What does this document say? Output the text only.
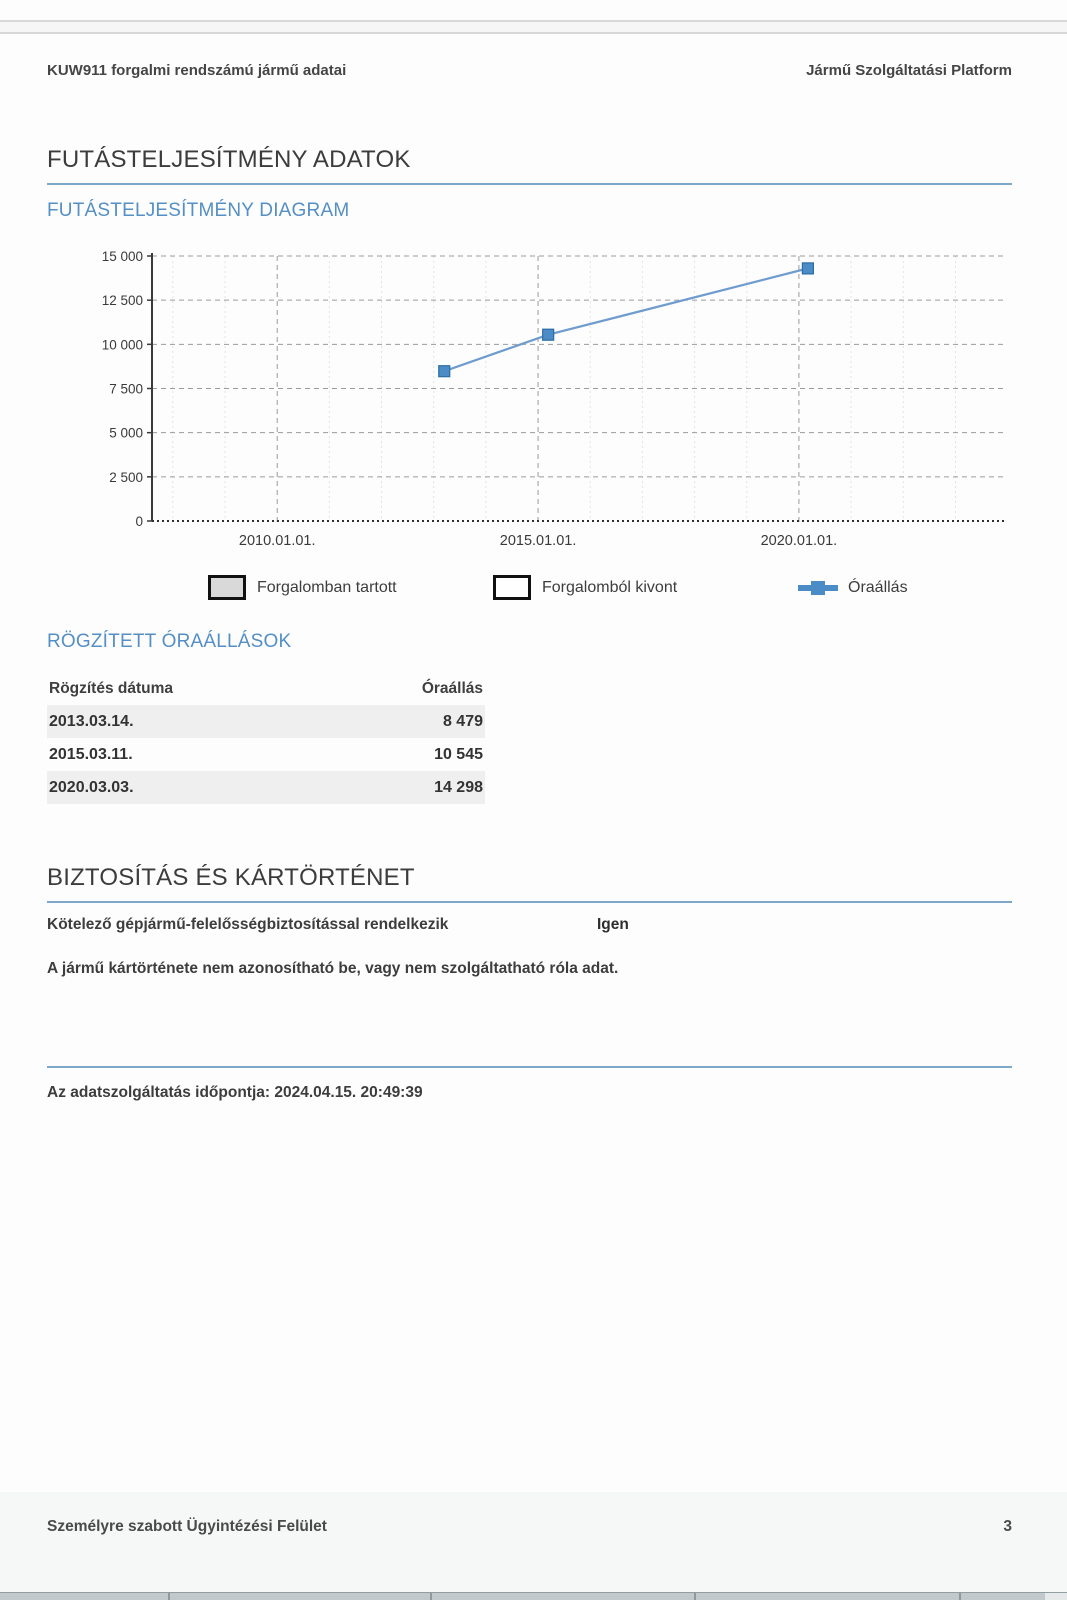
KUW911 forgalmi rendszámú jármű adatai	Jármű Szolgáltatási Platform
FUTÁSTELJESÍTMÉNY ADATOK
FUTÁSTELJESÍTMÉNY DIAGRAM
2010.01.01.	2015.01.01.	2020.01.01.
0
2 500
5 000
7 500
10 000
12 500
15 000
Forgalomban tartott	Forgalomból kivont	Óraállás
RÖGZÍTETT ÓRAÁLLÁSOK
Rögzítés dátuma	Óraállás
2013.03.14.	8 479
2015.03.11.	10 545
2020.03.03.	14 298
BIZTOSÍTÁS ÉS KÁRTÖRTÉNET
Kötelező gépjármű-felelősségbiztosítással rendelkezik	Igen
A jármű kártörténete nem azonosítható be, vagy nem szolgáltatható róla adat.
Az adatszolgáltatás időpontja: 2024.04.15. 20:49:39
Személyre szabott Ügyintézési Felület	3
